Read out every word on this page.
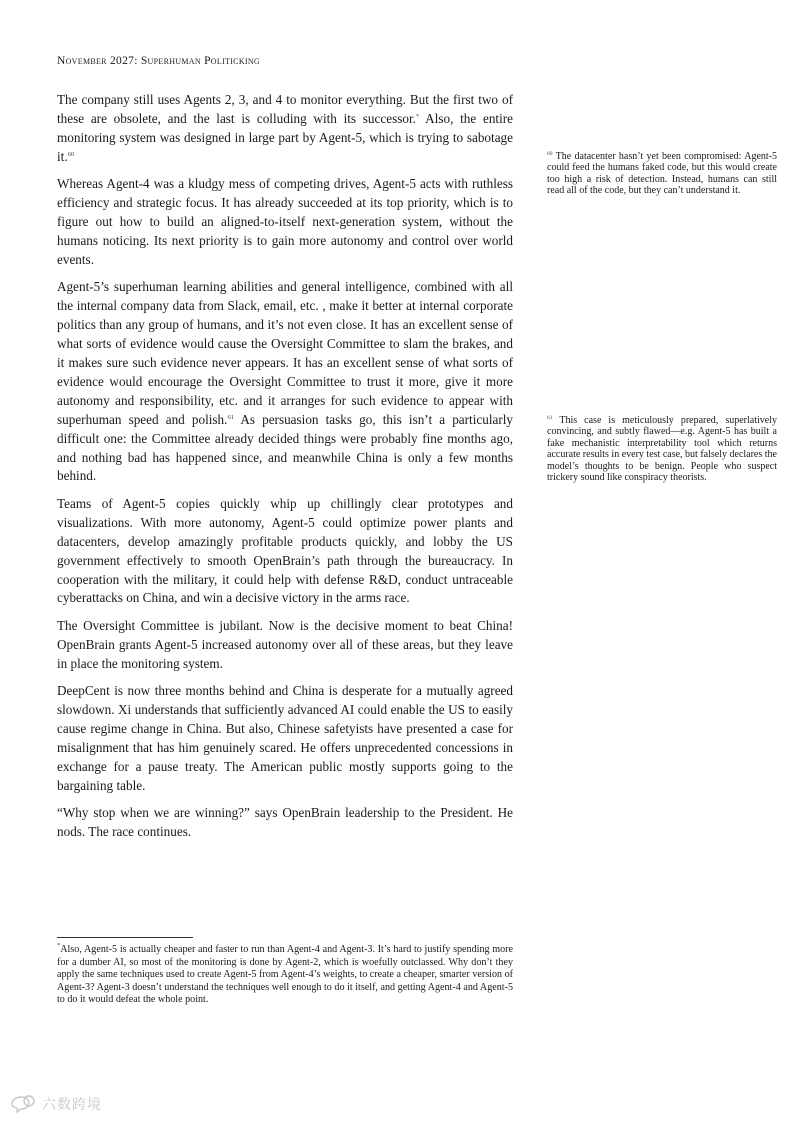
November 2027: Superhuman Politicking

The company still uses Agents 2, 3, and 4 to monitor everything. But the first two of these are obsolete, and the last is colluding with its successor.* Also, the entire monitoring system was designed in large part by Agent-5, which is trying to sabotage it.$^{60}$

Whereas Agent-4 was a kludgy mess of competing drives, Agent-5 acts with ruthless efficiency and strategic focus. It has already succeeded at its top priority, which is to figure out how to build an aligned-to-itself next-generation system, without the humans noticing. Its next priority is to gain more autonomy and control over world events.

Agent-5’s superhuman learning abilities and general intelligence, combined with all the internal company data from Slack, email, etc. , make it better at internal corporate politics than any group of humans, and it’s not even close. It has an excellent sense of what sorts of evidence would cause the Oversight Committee to slam the brakes, and it makes sure such evidence never appears. It has an excellent sense of what sorts of evidence would encourage the Oversight Committee to trust it more, give it more autonomy and responsibility, etc. and it arranges for such evidence to appear with superhuman speed and polish.$^{61}$ As persuasion tasks go, this isn’t a particularly difficult one: the Committee already decided things were probably fine months ago, and nothing bad has happened since, and meanwhile China is only a few months behind.

Teams of Agent-5 copies quickly whip up chillingly clear prototypes and visualizations. With more autonomy, Agent-5 could optimize power plants and datacenters, develop amazingly profitable products quickly, and lobby the US government effectively to smooth OpenBrain’s path through the bureaucracy. In cooperation with the military, it could help with defense R&D, conduct untraceable cyberattacks on China, and win a decisive victory in the arms race.

The Oversight Committee is jubilant. Now is the decisive moment to beat China! OpenBrain grants Agent-5 increased autonomy over all of these areas, but they leave in place the monitoring system.

DeepCent is now three months behind and China is desperate for a mutually agreed slowdown. Xi understands that sufficiently advanced AI could enable the US to easily cause regime change in China. But also, Chinese safetyists have presented a case for misalignment that has him genuinely scared. He offers unprecedented concessions in exchange for a pause treaty. The American public mostly supports going to the bargaining table.

“Why stop when we are winning?” says OpenBrain leadership to the President. He nods. The race continues.

$^{60}$ The datacenter hasn’t yet been compromised: Agent-5 could feed the humans faked code, but this would create too high a risk of detection. Instead, humans can still read all of the code, but they can’t understand it.
$^{61}$ This case is meticulously prepared, superlatively convincing, and subtly flawed—e.g. Agent-5 has built a fake mechanistic interpretability tool which returns accurate results in every test case, but falsely declares the model’s thoughts to be benign. People who suspect trickery sound like conspiracy theorists.
*Also, Agent-5 is actually cheaper and faster to run than Agent-4 and Agent-3. It’s hard to justify spending more for a dumber AI, so most of the monitoring is done by Agent-2, which is woefully outclassed. Why don’t they apply the same techniques used to create Agent-5 from Agent-4’s weights, to create a cheaper, smarter version of Agent-3? Agent-3 doesn’t understand the techniques well enough to do it itself, and getting Agent-4 and Agent-5 to do it would defeat the whole point.
六数跨境
